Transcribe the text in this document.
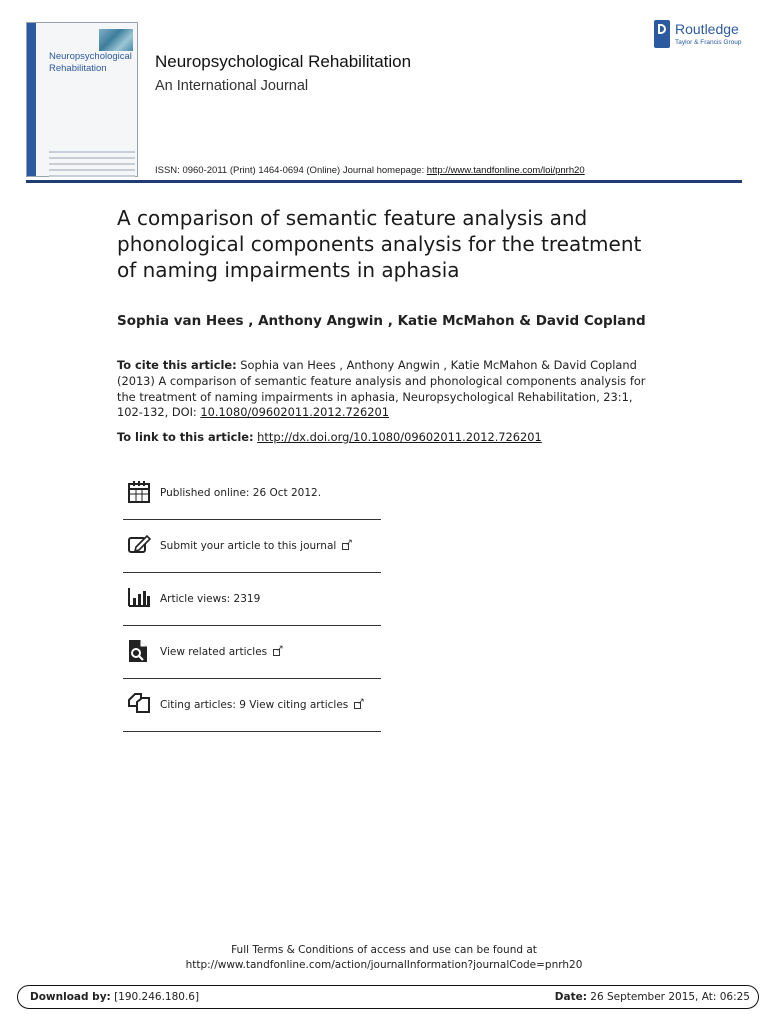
Neuropsychological Rehabilitation	Neuropsychological Rehabilitation
An International Journal
ISSN: 0960-2011 (Print) 1464-0694 (Online) Journal homepage: http://www.tandfonline.com/loi/pnrh20
Routledge
Taylor & Francis Group
A comparison of semantic feature analysis and phonological components analysis for the treatment of naming impairments in aphasia
Sophia van Hees , Anthony Angwin , Katie McMahon & David Copland
To cite this article: Sophia van Hees , Anthony Angwin , Katie McMahon & David Copland (2013) A comparison of semantic feature analysis and phonological components analysis for the treatment of naming impairments in aphasia, Neuropsychological Rehabilitation, 23:1, 102-132, DOI: 10.1080/09602011.2012.726201
To link to this article: http://dx.doi.org/10.1080/09602011.2012.726201
Published online: 26 Oct 2012.
Submit your article to this journal
↗
Article views: 2319
View related articles
↗
Citing articles: 9 View citing articles
↗
Full Terms & Conditions of access and use can be found at
http://www.tandfonline.com/action/journalInformation?journalCode=pnrh20
Download by: [190.246.180.6]	Date: 26 September 2015, At: 06:25
